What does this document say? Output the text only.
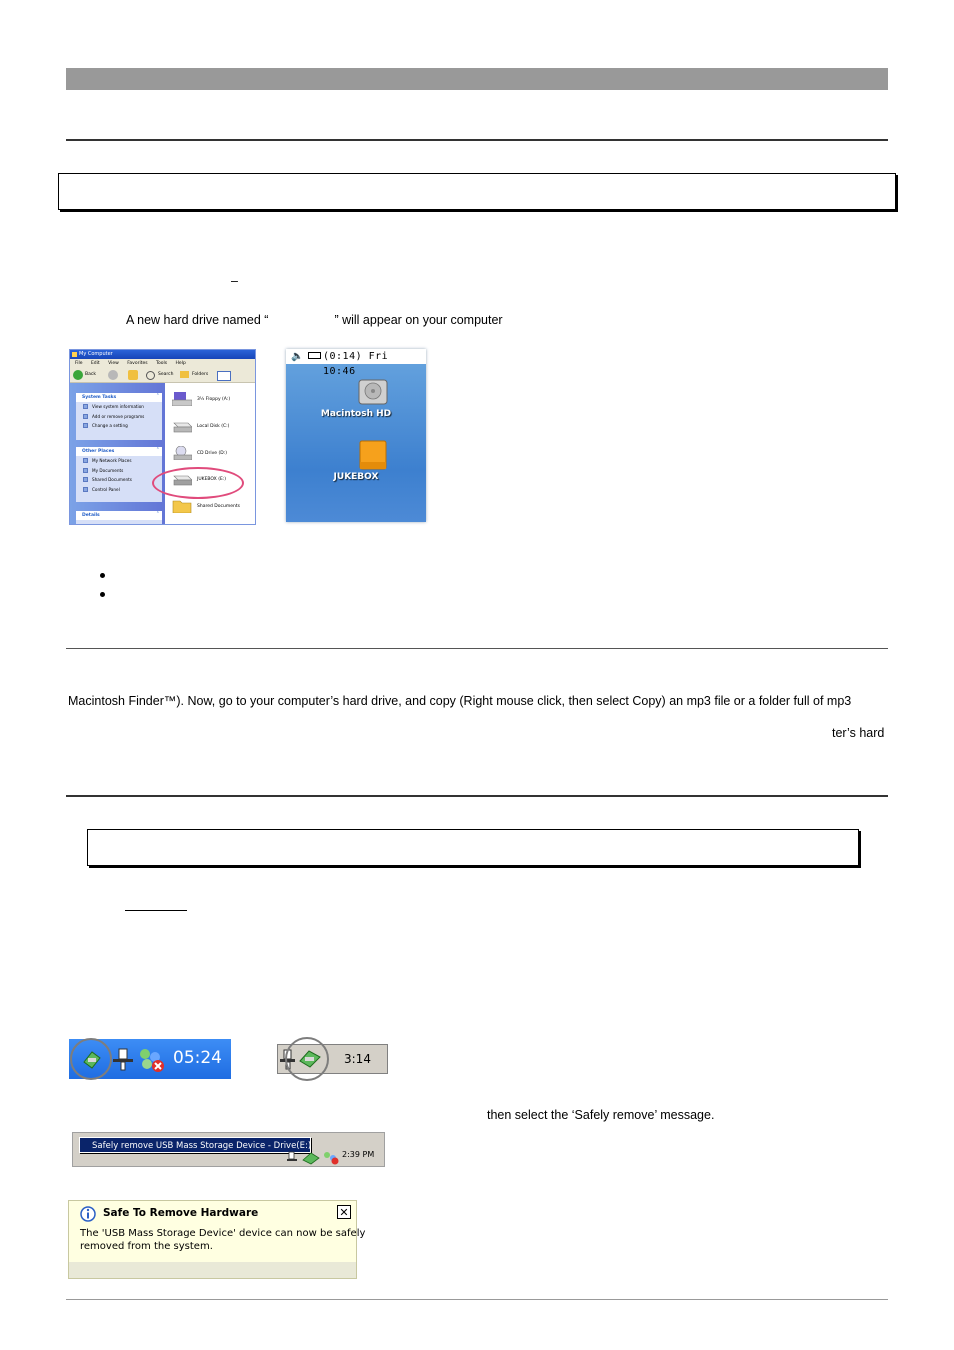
–
A new hard drive named “	” will appear on your computer
My Computer
File Edit View Favorites Tools Help
Back	Search	Folders
System Tasks	ˆ
View system information
Add or remove programs
Change a setting
Other Places	ˆ
My Network Places
My Documents
Shared Documents
Control Panel
Details	ˆ
3½ Floppy (A:)
Local Disk (C:)
CD Drive (D:)
JUKEBOX (E:)
Shared Documents
🔈 (0:14) Fri 10:46
Macintosh HD
JUKEBOX
Macintosh Finder™). Now, go to your computer’s hard drive, and copy (Right mouse click, then select Copy) an mp3 file or a folder full of mp3
ter’s hard
05:24	3:14
then select the ‘Safely remove’ message.
Safely remove USB Mass Storage Device - Drive(E:)
2:39 PM
Safe To Remove Hardware	✕
The 'USB Mass Storage Device' device can now be safely
removed from the system.
